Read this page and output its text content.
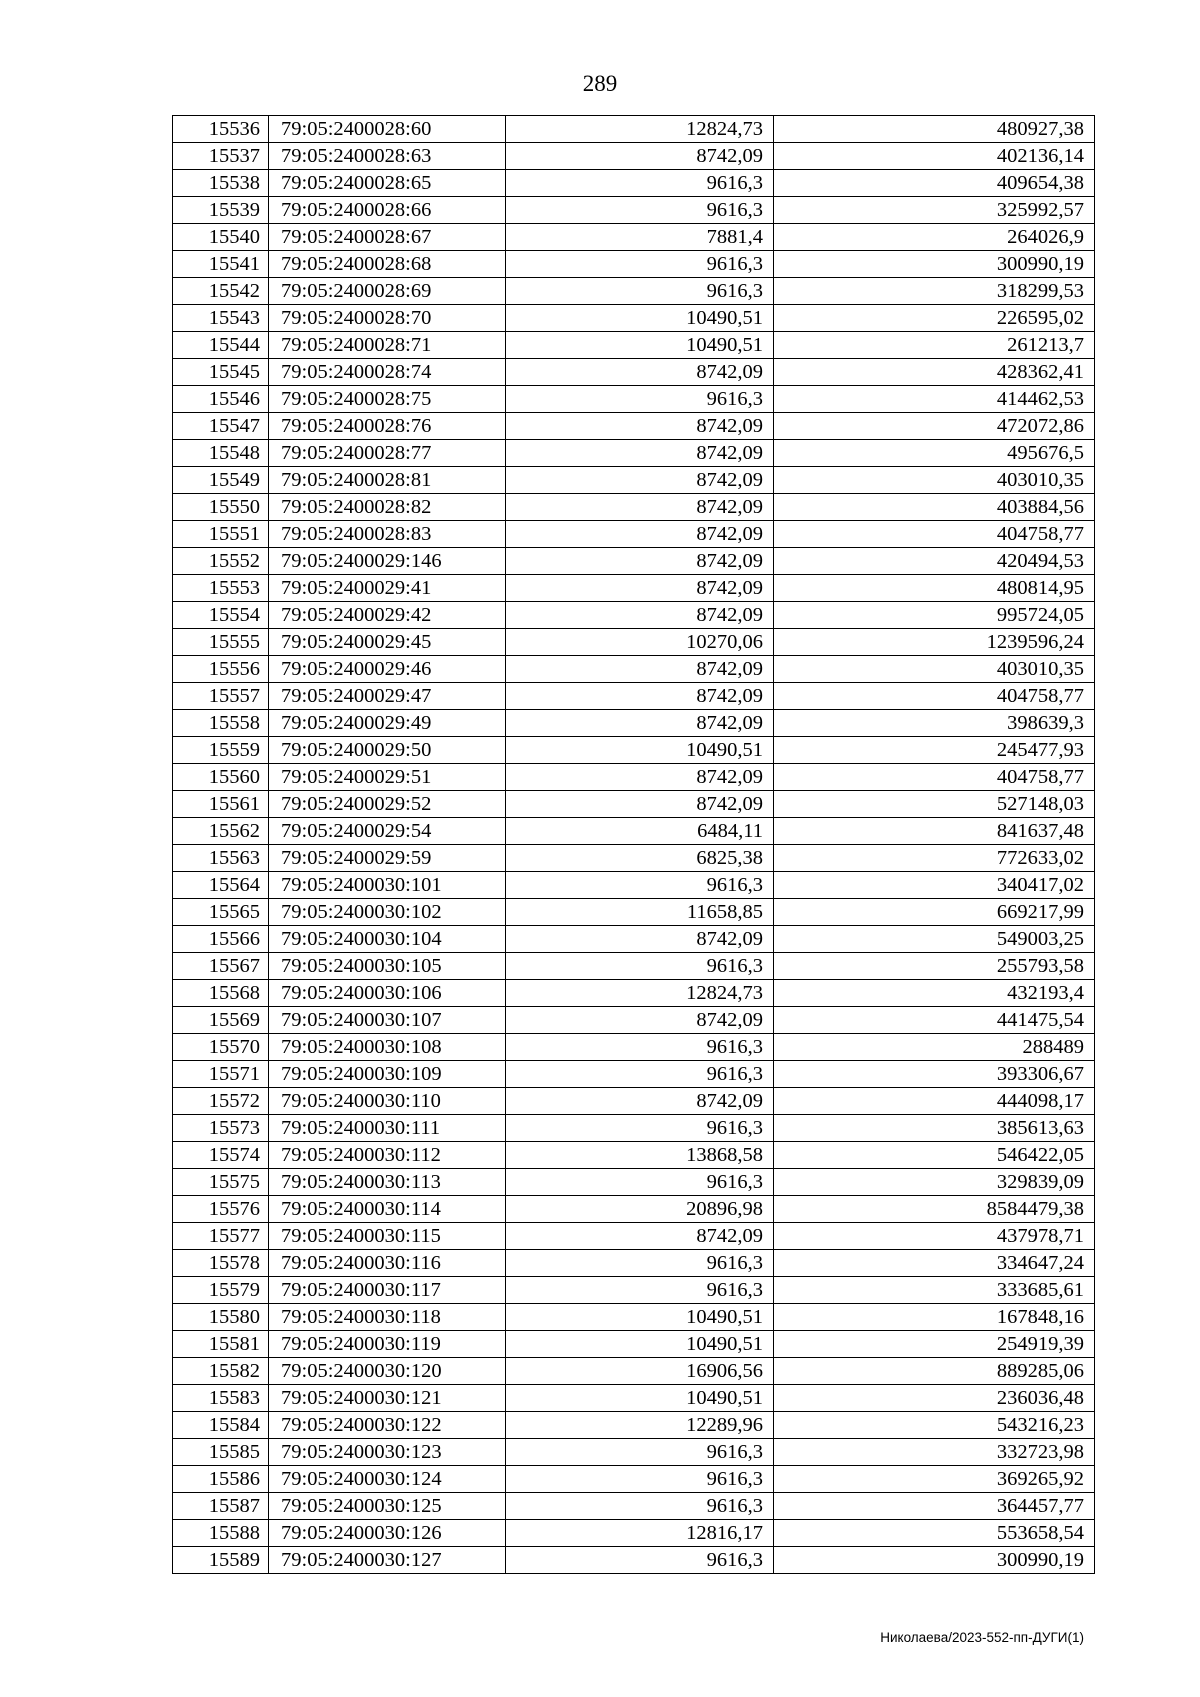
289
15536	79:05:2400028:60	12824,73	480927,38
15537	79:05:2400028:63	8742,09	402136,14
15538	79:05:2400028:65	9616,3	409654,38
15539	79:05:2400028:66	9616,3	325992,57
15540	79:05:2400028:67	7881,4	264026,9
15541	79:05:2400028:68	9616,3	300990,19
15542	79:05:2400028:69	9616,3	318299,53
15543	79:05:2400028:70	10490,51	226595,02
15544	79:05:2400028:71	10490,51	261213,7
15545	79:05:2400028:74	8742,09	428362,41
15546	79:05:2400028:75	9616,3	414462,53
15547	79:05:2400028:76	8742,09	472072,86
15548	79:05:2400028:77	8742,09	495676,5
15549	79:05:2400028:81	8742,09	403010,35
15550	79:05:2400028:82	8742,09	403884,56
15551	79:05:2400028:83	8742,09	404758,77
15552	79:05:2400029:146	8742,09	420494,53
15553	79:05:2400029:41	8742,09	480814,95
15554	79:05:2400029:42	8742,09	995724,05
15555	79:05:2400029:45	10270,06	1239596,24
15556	79:05:2400029:46	8742,09	403010,35
15557	79:05:2400029:47	8742,09	404758,77
15558	79:05:2400029:49	8742,09	398639,3
15559	79:05:2400029:50	10490,51	245477,93
15560	79:05:2400029:51	8742,09	404758,77
15561	79:05:2400029:52	8742,09	527148,03
15562	79:05:2400029:54	6484,11	841637,48
15563	79:05:2400029:59	6825,38	772633,02
15564	79:05:2400030:101	9616,3	340417,02
15565	79:05:2400030:102	11658,85	669217,99
15566	79:05:2400030:104	8742,09	549003,25
15567	79:05:2400030:105	9616,3	255793,58
15568	79:05:2400030:106	12824,73	432193,4
15569	79:05:2400030:107	8742,09	441475,54
15570	79:05:2400030:108	9616,3	288489
15571	79:05:2400030:109	9616,3	393306,67
15572	79:05:2400030:110	8742,09	444098,17
15573	79:05:2400030:111	9616,3	385613,63
15574	79:05:2400030:112	13868,58	546422,05
15575	79:05:2400030:113	9616,3	329839,09
15576	79:05:2400030:114	20896,98	8584479,38
15577	79:05:2400030:115	8742,09	437978,71
15578	79:05:2400030:116	9616,3	334647,24
15579	79:05:2400030:117	9616,3	333685,61
15580	79:05:2400030:118	10490,51	167848,16
15581	79:05:2400030:119	10490,51	254919,39
15582	79:05:2400030:120	16906,56	889285,06
15583	79:05:2400030:121	10490,51	236036,48
15584	79:05:2400030:122	12289,96	543216,23
15585	79:05:2400030:123	9616,3	332723,98
15586	79:05:2400030:124	9616,3	369265,92
15587	79:05:2400030:125	9616,3	364457,77
15588	79:05:2400030:126	12816,17	553658,54
15589	79:05:2400030:127	9616,3	300990,19
Николаева/2023-552-пп-ДУГИ(1)
